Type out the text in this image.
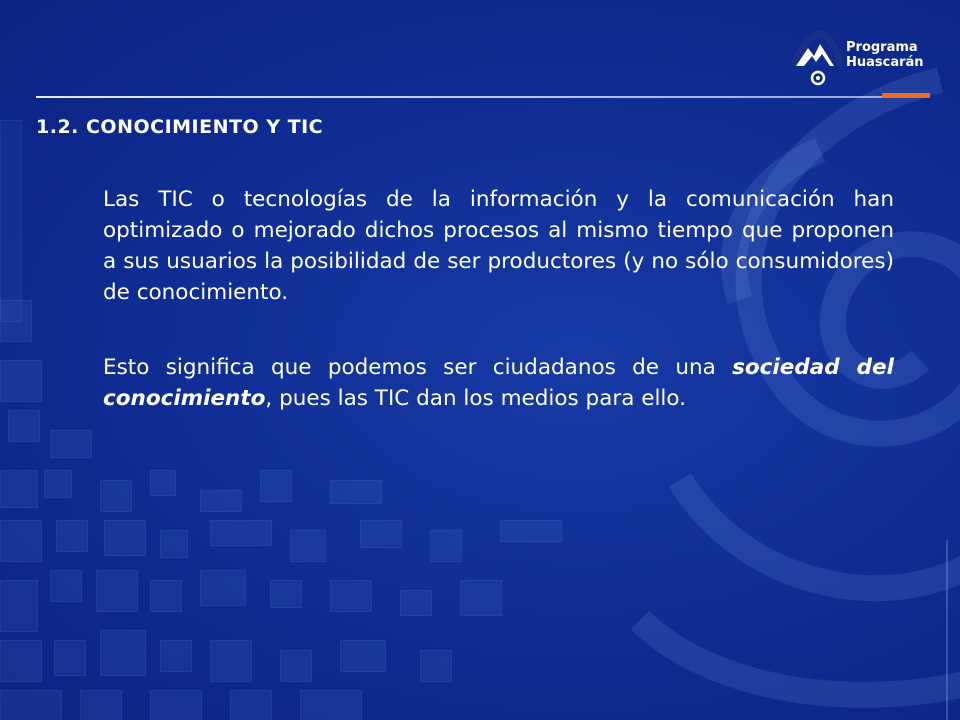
Programa
Huascarán
1.2. CONOCIMIENTO Y TIC

Las TIC o tecnologías de la información y la comunicación han optimizado o mejorado dichos procesos al mismo tiempo que proponen a sus usuarios la posibilidad de ser productores (y no sólo consumidores) de conocimiento.

Esto significa que podemos ser ciudadanos de una sociedad del conocimiento, pues las TIC dan los medios para ello.
